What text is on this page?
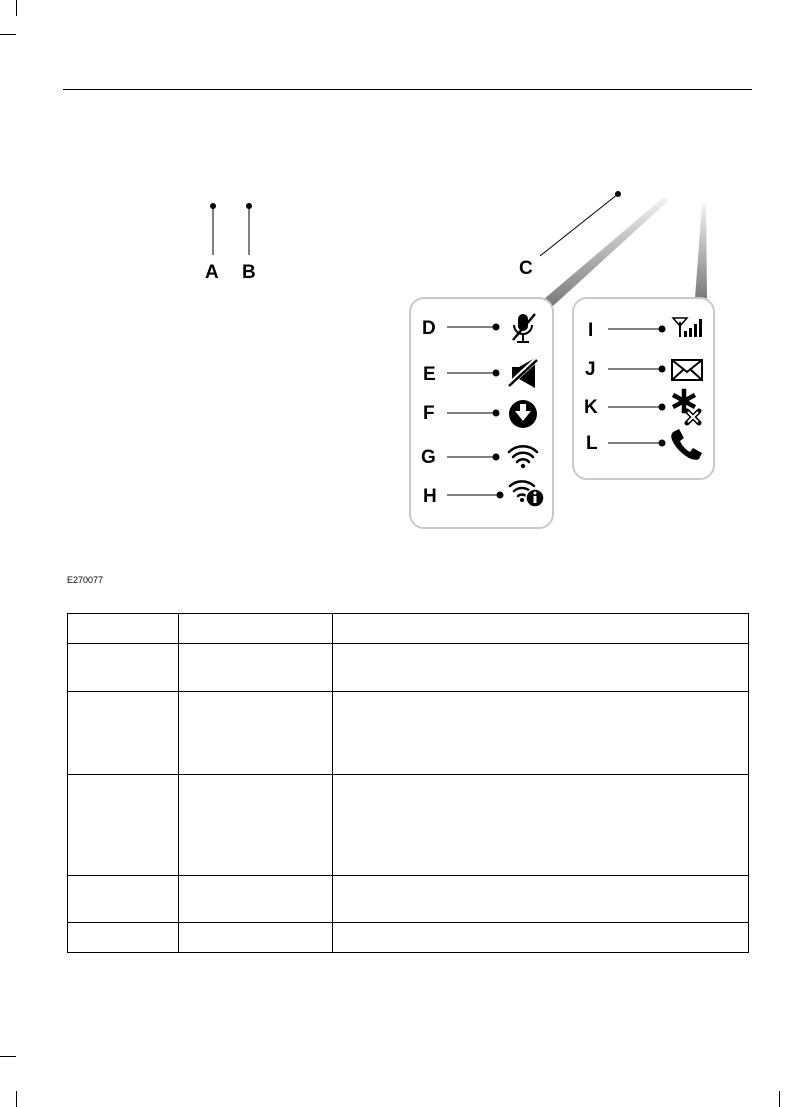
A B	C
D
E
F
G
H
I
J
K
L
E270077
